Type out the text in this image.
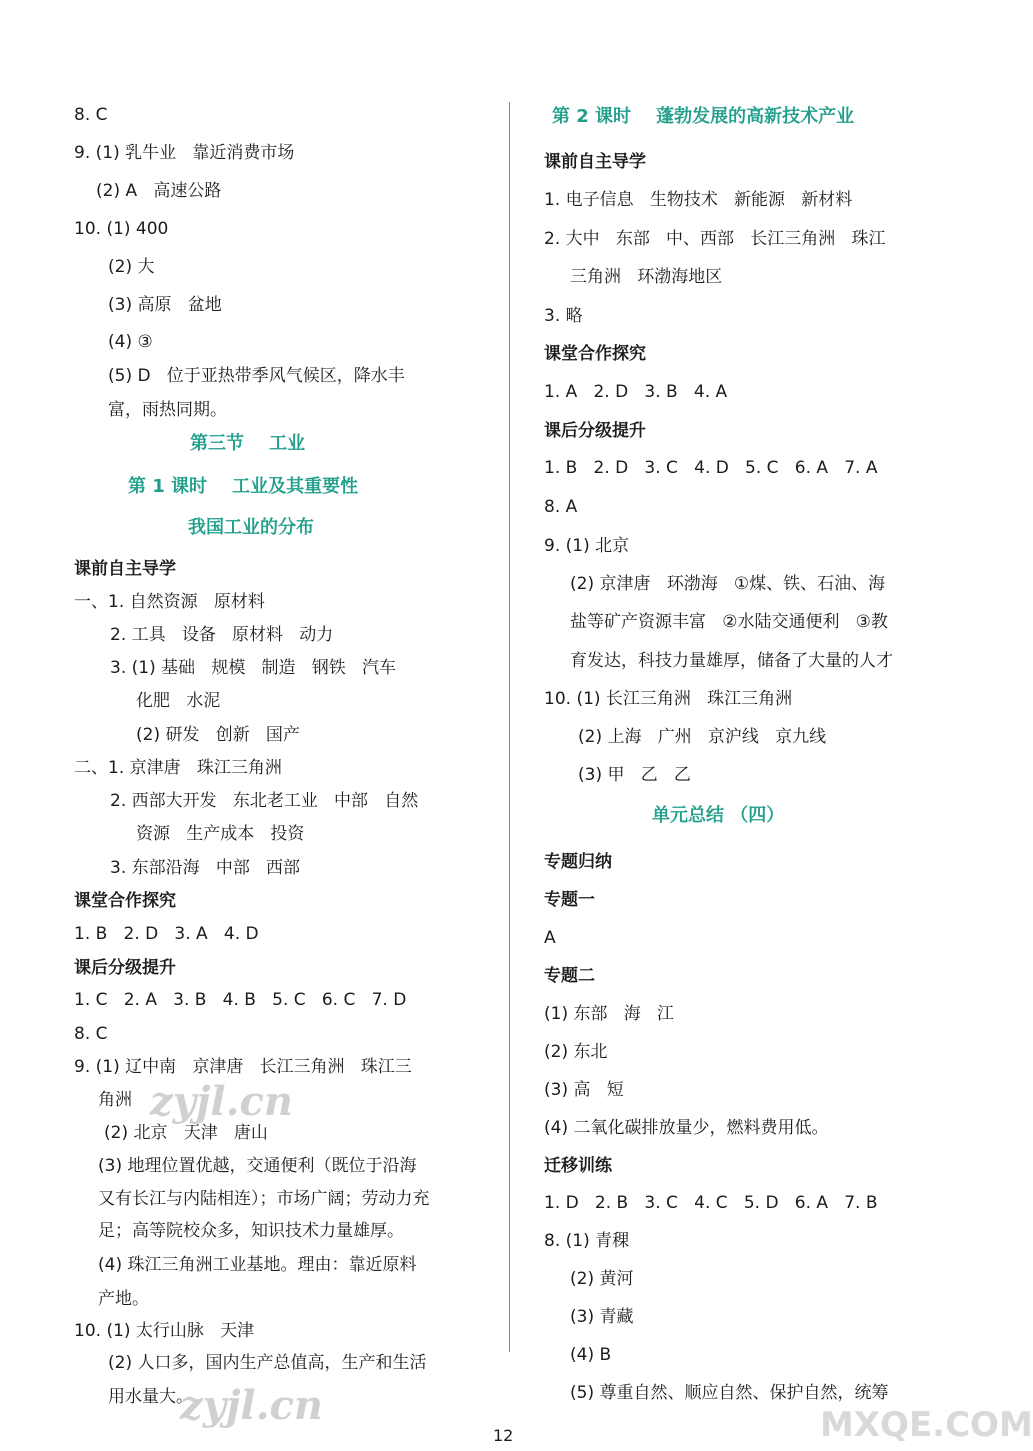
8. C
9. (1) 乳牛业   靠近消费市场
(2) A   高速公路
10. (1) 400
(2) 大
(3) 高原   盆地
(4) ③
(5) D   位于亚热带季风气候区，降水丰
富，雨热同期。
第三节    工业
第 1 课时    工业及其重要性
我国工业的分布
课前自主导学
一、1. 自然资源   原材料
2. 工具   设备   原材料   动力
3. (1) 基础   规模   制造   钢铁   汽车
化肥   水泥
(2) 研发   创新   国产
二、1. 京津唐   珠江三角洲
2. 西部大开发   东北老工业   中部   自然
资源   生产成本   投资
3. 东部沿海   中部   西部
课堂合作探究
1. B   2. D   3. A   4. D
课后分级提升
1. C   2. A   3. B   4. B   5. C   6. C   7. D
8. C
9. (1) 辽中南   京津唐   长江三角洲   珠江三
角洲
(2) 北京   天津   唐山
(3) 地理位置优越，交通便利（既位于沿海
又有长江与内陆相连）；市场广阔；劳动力充
足；高等院校众多，知识技术力量雄厚。
(4) 珠江三角洲工业基地。理由：靠近原料
产地。
10. (1) 太行山脉   天津
(2) 人口多，国内生产总值高，生产和生活
用水量大。
第 2 课时    蓬勃发展的高新技术产业
课前自主导学
1. 电子信息   生物技术   新能源   新材料
2. 大中   东部   中、西部   长江三角洲   珠江
三角洲   环渤海地区
3. 略
课堂合作探究
1. A   2. D   3. B   4. A
课后分级提升
1. B   2. D   3. C   4. D   5. C   6. A   7. A
8. A
9. (1) 北京
(2) 京津唐   环渤海   ①煤、铁、石油、海
盐等矿产资源丰富   ②水陆交通便利   ③教
育发达，科技力量雄厚，储备了大量的人才
10. (1) 长江三角洲   珠江三角洲
(2) 上海   广州   京沪线   京九线
(3) 甲   乙   乙
单元总结 （四）
专题归纳
专题一
A
专题二
(1) 东部   海   江
(2) 东北
(3) 高   短
(4) 二氧化碳排放量少，燃料费用低。
迁移训练
1. D   2. B   3. C   4. C   5. D   6. A   7. B
8. (1) 青稞
(2) 黄河
(3) 青藏
(4) B
(5) 尊重自然、顺应自然、保护自然，统筹
12
zyjl.cn
zyjl.cn	MXQE.COM
